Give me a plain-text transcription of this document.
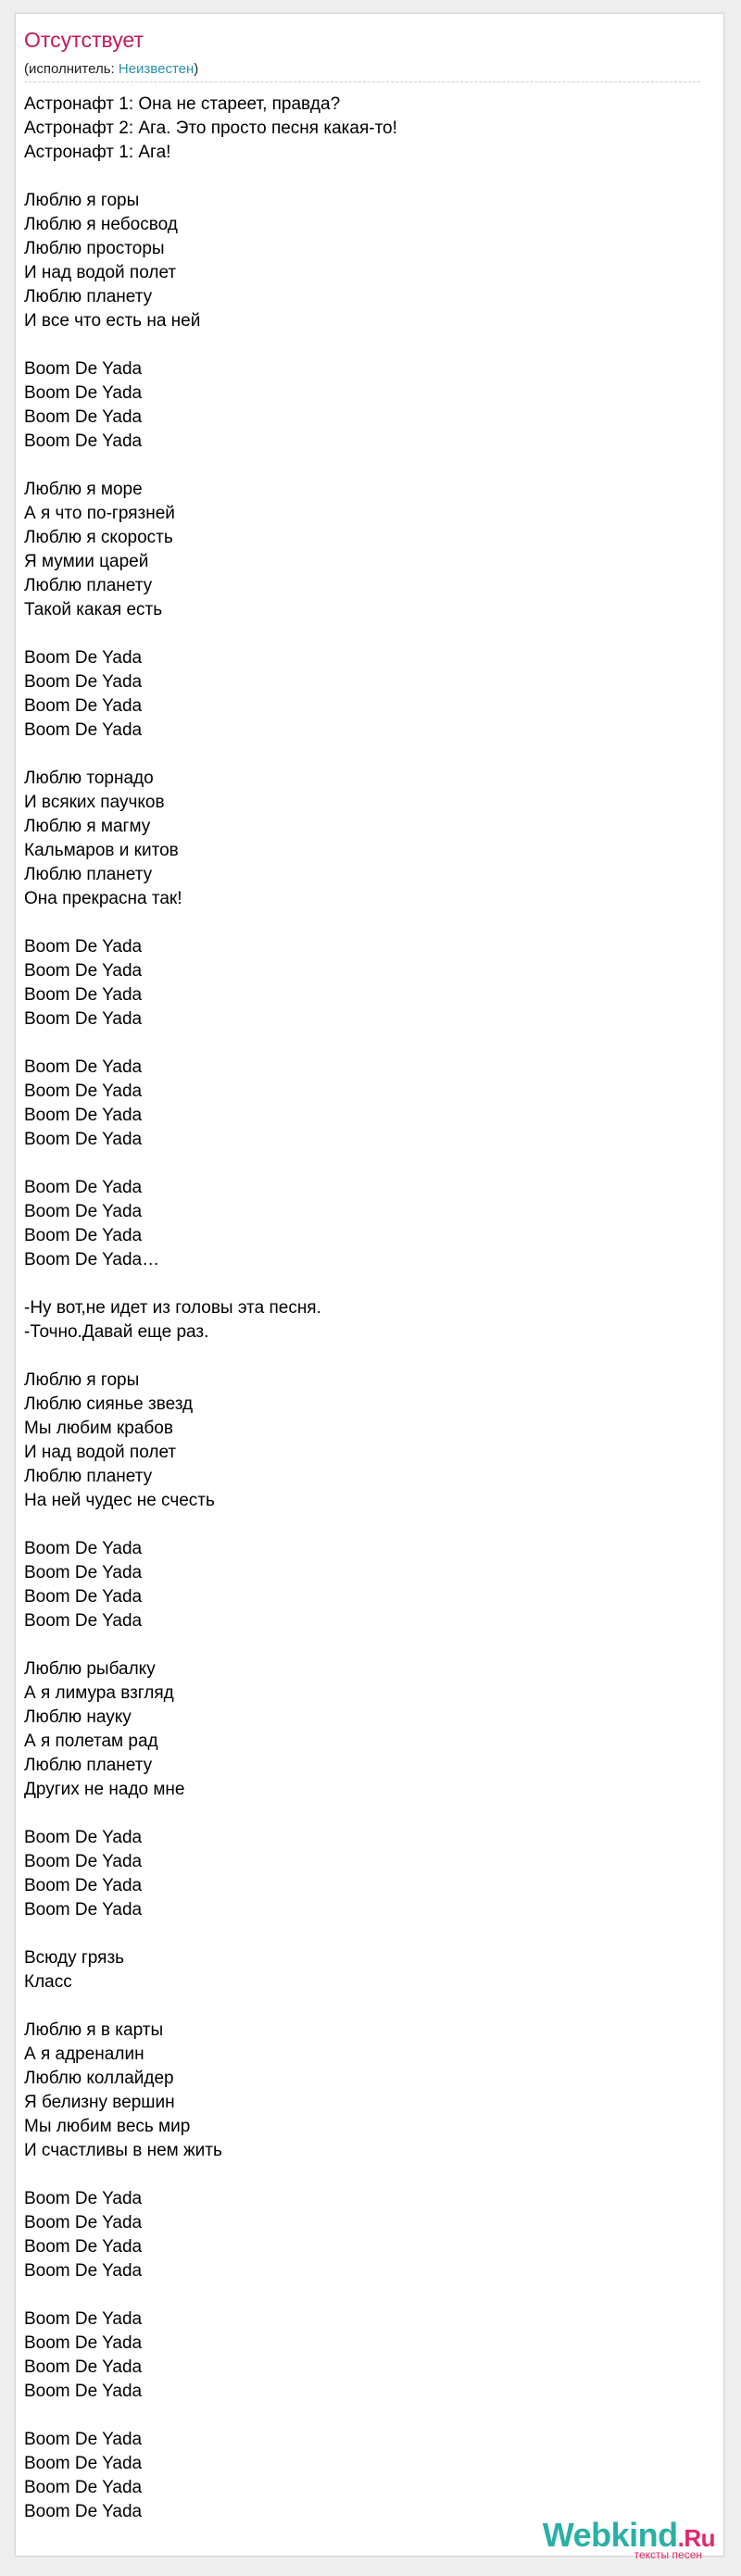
Отсутствует
(исполнитель: Неизвестен)
Астронафт 1: Она не стареет, правда?
Астронафт 2: Ага. Это просто песня какая-то!
Астронафт 1: Ага!
Люблю я горы
Люблю я небосвод
Люблю просторы
И над водой полет
Люблю планету
И все что есть на ней
Boom De Yada
Boom De Yada
Boom De Yada
Boom De Yada
Люблю я море
А я что по-грязней
Люблю я скорость
Я мумии царей
Люблю планету
Такой какая есть
Boom De Yada
Boom De Yada
Boom De Yada
Boom De Yada
Люблю торнадо
И всяких паучков
Люблю я магму
Кальмаров и китов
Люблю планету
Она прекрасна так!
Boom De Yada
Boom De Yada
Boom De Yada
Boom De Yada
Boom De Yada
Boom De Yada
Boom De Yada
Boom De Yada
Boom De Yada
Boom De Yada
Boom De Yada
Boom De Yada…
-Ну вот,не идет из головы эта песня.
-Точно.Давай еще раз.
Люблю я горы
Люблю сиянье звезд
Мы любим крабов
И над водой полет
Люблю планету
На ней чудес не счесть
Boom De Yada
Boom De Yada
Boom De Yada
Boom De Yada
Люблю рыбалку
А я лимура взгляд
Люблю науку
А я полетам рад
Люблю планету
Других не надо мне
Boom De Yada
Boom De Yada
Boom De Yada
Boom De Yada
Всюду грязь
Класс
Люблю я в карты
А я адреналин
Люблю коллайдер
Я белизну вершин
Мы любим весь мир
И счастливы в нем жить
Boom De Yada
Boom De Yada
Boom De Yada
Boom De Yada
Boom De Yada
Boom De Yada
Boom De Yada
Boom De Yada
Boom De Yada
Boom De Yada
Boom De Yada
Boom De Yada
Webkind.Ru
тексты песен
